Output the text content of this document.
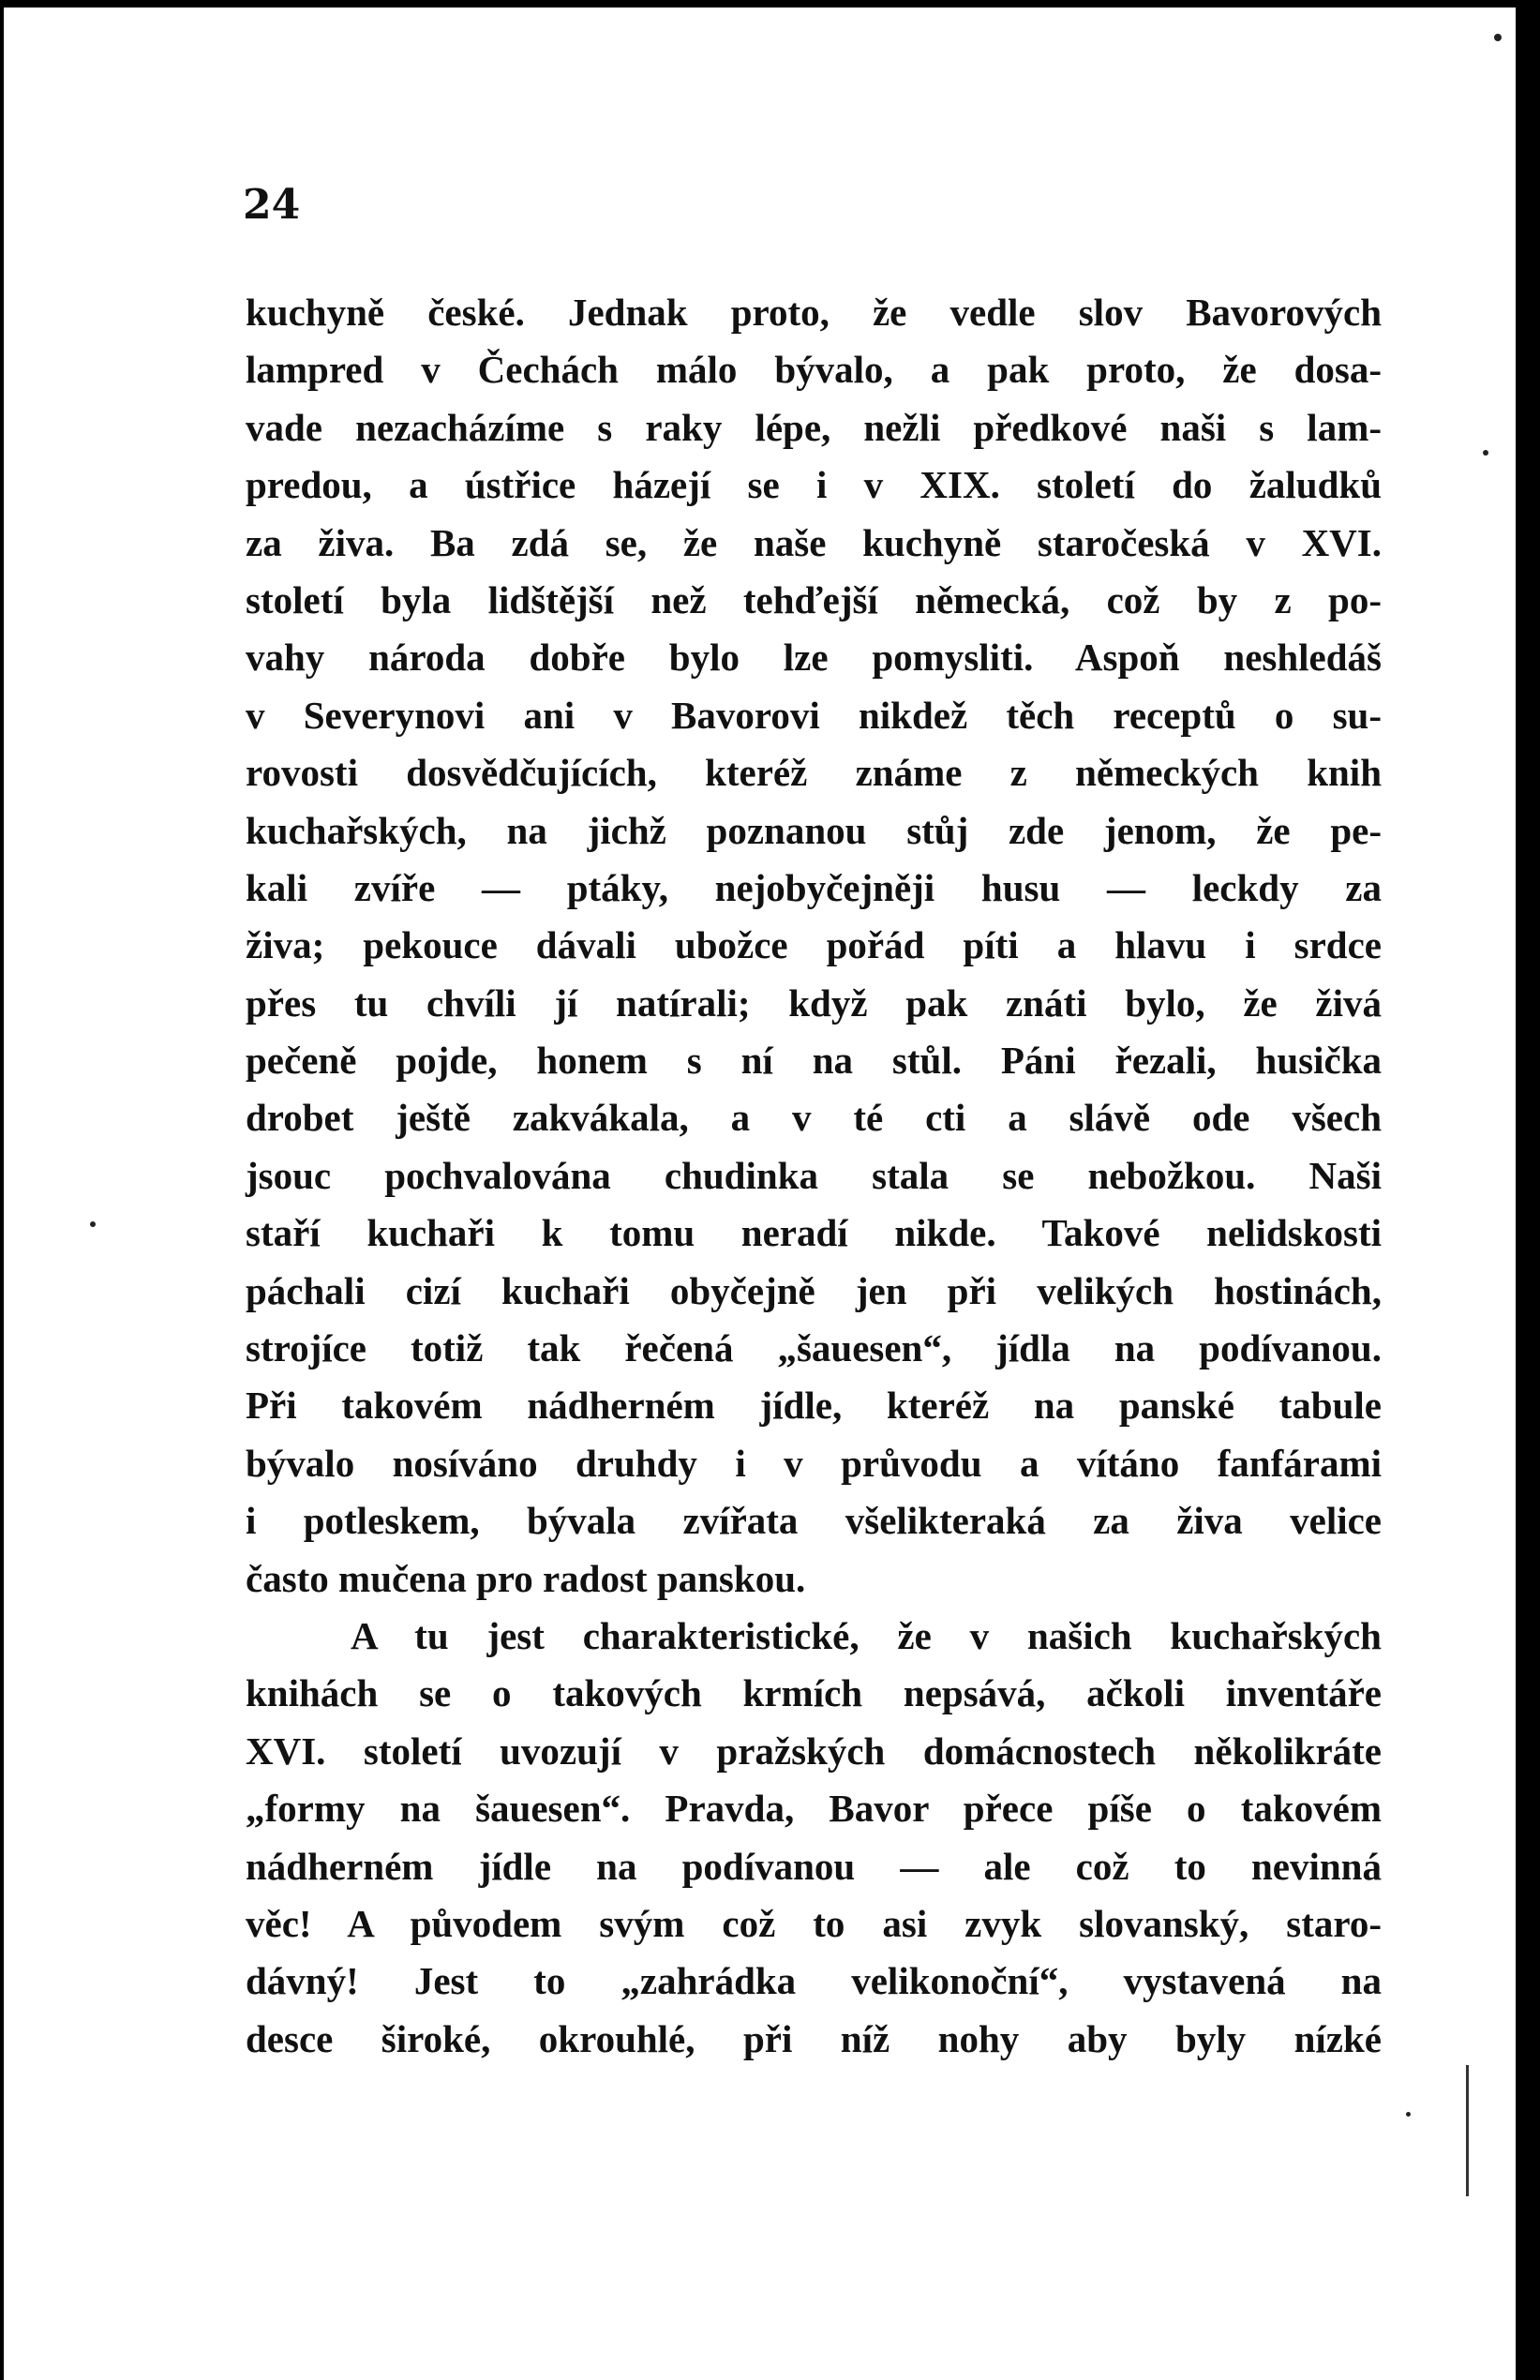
24
kuchyně české. Jednak proto, že vedle slov Bavorových
lampred v Čechách málo bývalo, a pak proto, že dosa-
vade nezacházíme s raky lépe, nežli předkové naši s lam-
predou, a ústřice házejí se i v XIX. století do žaludků
za živa. Ba zdá se, že naše kuchyně staročeská v XVI.
století byla lidštější než tehďejší německá, což by z po-
vahy národa dobře bylo lze pomysliti. Aspoň neshledáš
v Severynovi ani v Bavorovi nikdež těch receptů o su-
rovosti dosvědčujících, kteréž známe z německých knih
kuchařských, na jichž poznanou stůj zde jenom, že pe-
kali zvíře — ptáky, nejobyčejněji husu — leckdy za
živa; pekouce dávali ubožce pořád píti a hlavu i srdce
přes tu chvíli jí natírali; když pak znáti bylo, že živá
pečeně pojde, honem s ní na stůl. Páni řezali, husička
drobet ještě zakvákala, a v té cti a slávě ode všech
jsouc pochvalována chudinka stala se nebožkou. Naši
staří kuchaři k tomu neradí nikde. Takové nelidskosti
páchali cizí kuchaři obyčejně jen při velikých hostinách,
strojíce totiž tak řečená „šauesen“, jídla na podívanou.
Při takovém nádherném jídle, kteréž na panské tabule
bývalo nosíváno druhdy i v průvodu a vítáno fanfárami
i potleskem, bývala zvířata všelikteraká za živa velice
často mučena pro radost panskou.
A tu jest charakteristické, že v našich kuchařských
knihách se o takových krmích nepsává, ačkoli inventáře
XVI. století uvozují v pražských domácnostech několikráte
„formy na šauesen“. Pravda, Bavor přece píše o takovém
nádherném jídle na podívanou — ale což to nevinná
věc! A původem svým což to asi zvyk slovanský, staro-
dávný! Jest to „zahrádka velikonoční“, vystavená na
desce široké, okrouhlé, při níž nohy aby byly nízké
